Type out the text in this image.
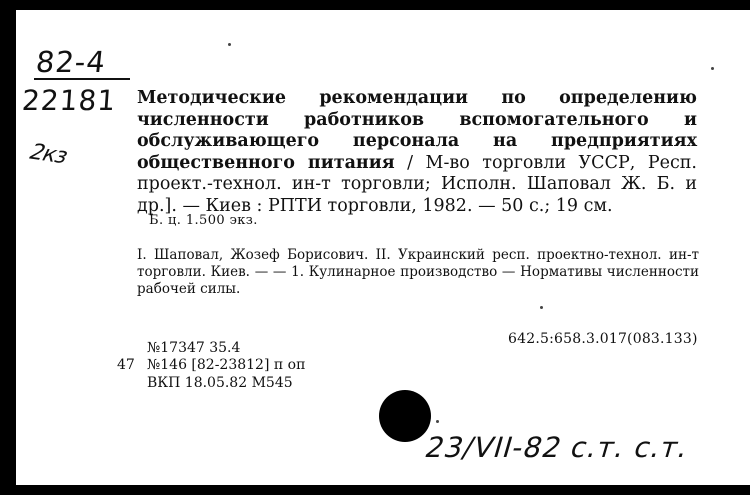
82-4
22181
2кз
Методические рекомендации по определению численности работников вспомогательного и обслуживающего персонала на предприятиях общественного питания / М-во торговли УССР, Респ. проект.-технол. ин-т торговли; Исполн. Шаповал Ж. Б. и др.]. — Киев : РПТИ торговли, 1982. — 50 с.; 19 см.
Б. ц. 1.500 экз.
I. Шаповал, Жозеф Борисович. II. Украинский респ. проектно-технол. ин-т торговли. Киев. — — 1. Кулинарное производство — Нормативы численности рабочей силы.
642.5:658.3.017(083.133)
№17347 35.4
47 №146 [82-23812] п оп
ВКП 18.05.82 М545
23/VII-82 с.т. с.т.
